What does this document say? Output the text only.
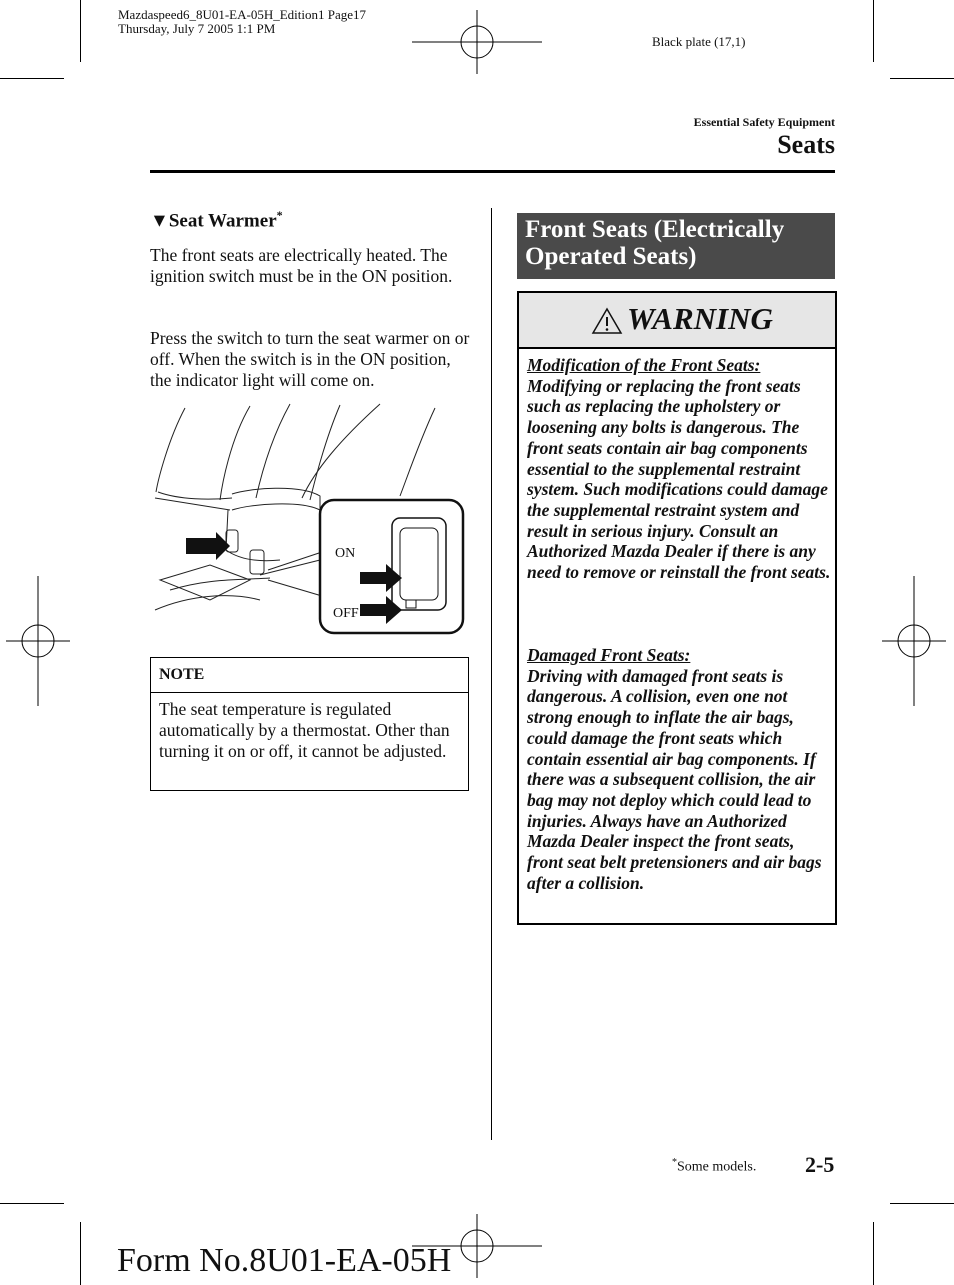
Mazdaspeed6_8U01-EA-05H_Edition1 Page17
Thursday, July 7 2005 1:1 PM
Black plate (17,1)
Essential Safety Equipment
Seats
▼Seat Warmer*
The front seats are electrically heated. The ignition switch must be in the ON position.
Press the switch to turn the seat warmer on or off. When the switch is in the ON position, the indicator light will come on.
ON
OFF
NOTE
The seat temperature is regulated automatically by a thermostat. Other than turning it on or off, it cannot be adjusted.
Front Seats (Electrically Operated Seats)
WARNING
Modification of the Front Seats:
Modifying or replacing the front seats such as replacing the upholstery or loosening any bolts is dangerous. The front seats contain air bag components essential to the supplemental restraint system. Such modifications could damage the supplemental restraint system and result in serious injury. Consult an Authorized Mazda Dealer if there is any need to remove or reinstall the front seats.
Damaged Front Seats:
Driving with damaged front seats is dangerous. A collision, even one not strong enough to inflate the air bags, could damage the front seats which contain essential air bag components. If there was a subsequent collision, the air bag may not deploy which could lead to injuries. Always have an Authorized Mazda Dealer inspect the front seats, front seat belt pretensioners and air bags after a collision.
*Some models. 2-5
Form No.8U01-EA-05H
